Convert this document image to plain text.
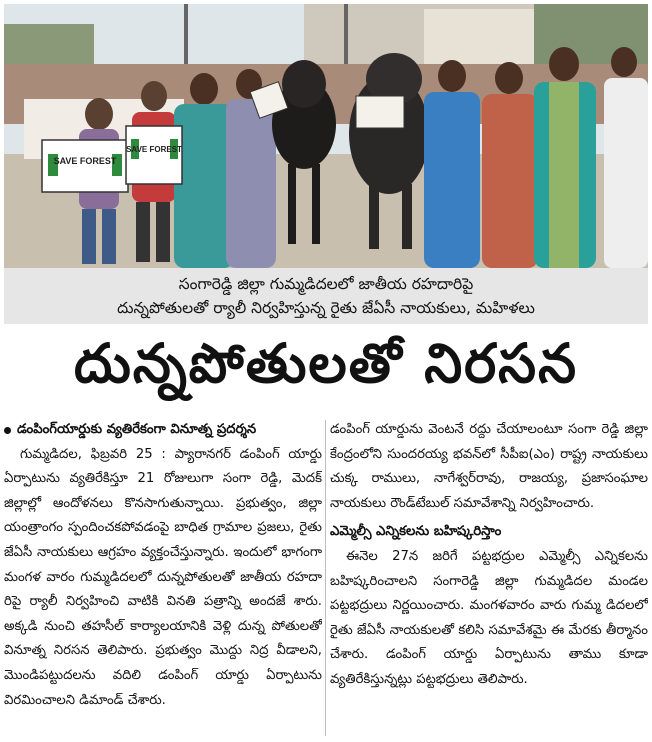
SAVE FOREST
SAVE FOREST
సంగారెడ్డి జిల్లా గుమ్మడిదలలో జాతీయ రహదారిపై
దున్నపోతులతో ర్యాలీ నిర్వహిస్తున్న రైతు జేఏసీ నాయకులు, మహిళలు
దున్నపోతులతో నిరసన
డంపింగ్‌యార్డుకు వ్యతిరేకంగా వినూత్న ప్రదర్శన
గుమ్మడిదల, ఫిబ్రవరి 25 : ప్యారానగర్ డంపింగ్ యార్డు ఏర్పాటును వ్యతిరేకిస్తూ 21 రోజులుగా సంగా రెడ్డి, మెదక్ జిల్లాల్లో ఆందోళనలు కొనసాగుతున్నాయి. ప్రభుత్వం, జిల్లా యంత్రాంగం స్పందించకపోవడంపై బాధిత గ్రామాల ప్రజలు, రైతు జేఏసీ నాయకులు ఆగ్రహం వ్యక్తంచేస్తున్నారు. ఇందులో భాగంగా మంగళ వారం గుమ్మడిదలలో దున్నపోతులతో జాతీయ రహదా రిపై ర్యాలీ నిర్వహించి వాటికి వినతి పత్రాన్ని అందజే శారు. అక్కడి నుంచి తహసీల్ కార్యాలయానికి వెళ్లి దున్న పోతులతో వినూత్న నిరసన తెలిపారు. ప్రభుత్వం మొద్దు నిద్ర వీడాలని, మొండిపట్టుదలను వదిలి డంపింగ్ యార్డు ఏర్పాటును విరమించాలని డిమాండ్ చేశారు.
డంపింగ్ యార్డును వెంటనే రద్దు చేయాలంటూ సంగా రెడ్డి జిల్లా కేంద్రంలోని సుందరయ్య భవన్‌లో సీపీఐ(ఎం) రాష్ట్ర నాయకులు చుక్క రాములు, నాగేశ్వర్‌రావు, రాజయ్య, ప్రజాసంఘాల నాయకులు రౌండ్‌టేబుల్ సమావేశాన్ని నిర్వహించారు.
ఎమ్మెల్సీ ఎన్నికలను బహిష్కరిస్తాం
ఈనెల 27న జరిగే పట్టభద్రుల ఎమ్మెల్సీ ఎన్నికలను బహిష్కరించాలని సంగారెడ్డి జిల్లా గుమ్మడిదల మండల పట్టభద్రులు నిర్ణయించారు. మంగళవారం వారు గుమ్మ డిదలలో రైతు జేఏసీ నాయకులతో కలిసి సమావేశమై ఈ మేరకు తీర్మానం చేశారు. డంపింగ్ యార్డు ఏర్పాటును తాము కూడా వ్యతిరేకిస్తున్నట్లు పట్టభద్రులు తెలిపారు.
